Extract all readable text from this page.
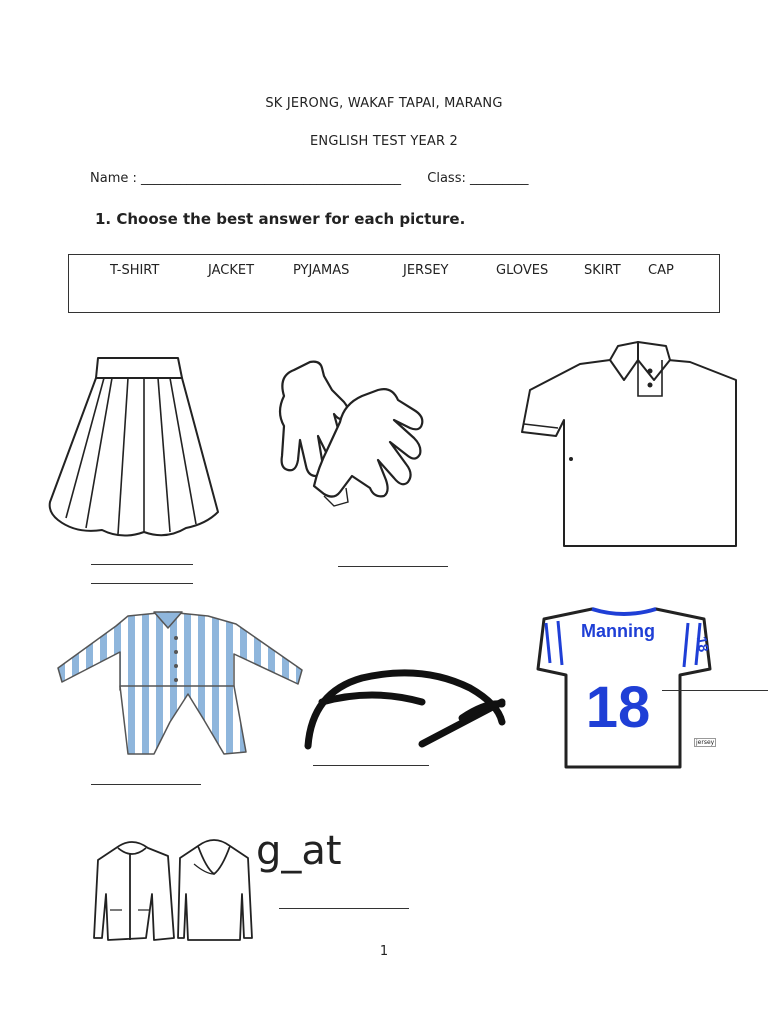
SK JERONG, WAKAF TAPAI, MARANG
ENGLISH TEST YEAR 2
Name : ________________________________________ Class: _________
1. Choose the best answer for each picture.
T-SHIRT	JACKET	PYJAMAS	JERSEY	GLOVES	SKIRT CAP
Manning
18
18
jersey
g_at
1
